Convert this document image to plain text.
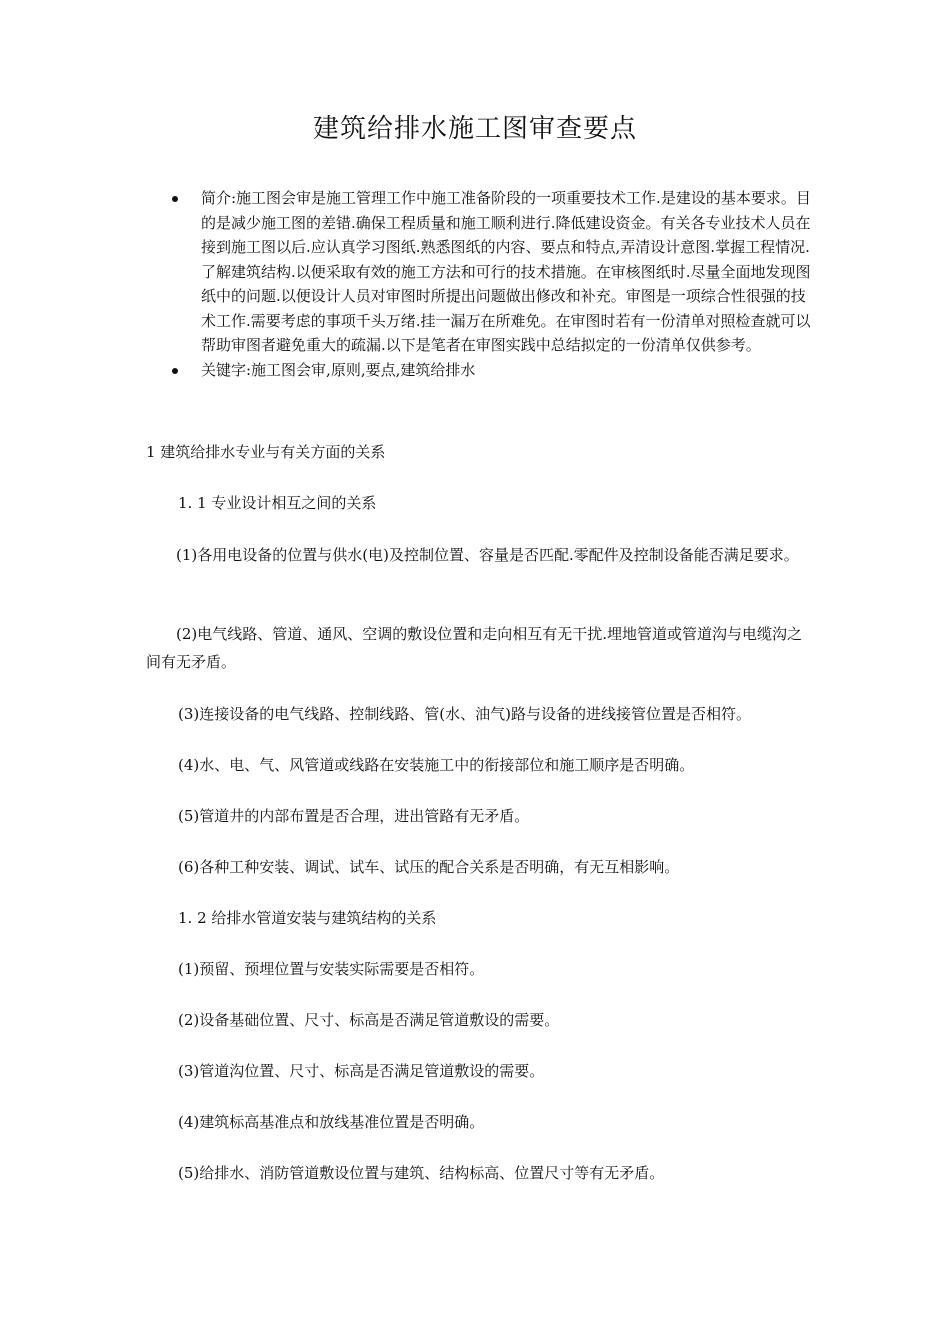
建筑给排水施工图审查要点
简介:施工图会审是施工管理工作中施工准备阶段的一项重要技术工作.是建设的基本要求。目的是减少施工图的差错.确保工程质量和施工顺利进行.降低建设资金。有关各专业技术人员在接到施工图以后.应认真学习图纸.熟悉图纸的内容、要点和特点,弄清设计意图.掌握工程情况.了解建筑结构.以便采取有效的施工方法和可行的技术措施。在审核图纸时.尽量全面地发现图纸中的问题.以便设计人员对审图时所提出问题做出修改和补充。审图是一项综合性很强的技术工作.需要考虑的事项千头万绪.挂一漏万在所难免。在审图时若有一份清单对照检查就可以帮助审图者避免重大的疏漏.以下是笔者在审图实践中总结拟定的一份清单仅供参考。
关键字:施工图会审,原则,要点,建筑给排水
1 建筑给排水专业与有关方面的关系
1. 1 专业设计相互之间的关系
(1)各用电设备的位置与供水(电)及控制位置、容量是否匹配.零配件及控制设备能否满足要求。
(2)电气线路、管道、通风、空调的敷设位置和走向相互有无干扰.埋地管道或管道沟与电缆沟之间有无矛盾。
(3)连接设备的电气线路、控制线路、管(水、油气)路与设备的进线接管位置是否相符。
(4)水、电、气、风管道或线路在安装施工中的衔接部位和施工顺序是否明确。
(5)管道井的内部布置是否合理，进出管路有无矛盾。
(6)各种工种安装、调试、试车、试压的配合关系是否明确，有无互相影响。
1. 2 给排水管道安装与建筑结构的关系
(1)预留、预埋位置与安装实际需要是否相符。
(2)设备基础位置、尺寸、标高是否满足管道敷设的需要。
(3)管道沟位置、尺寸、标高是否满足管道敷设的需要。
(4)建筑标高基准点和放线基准位置是否明确。
(5)给排水、消防管道敷设位置与建筑、结构标高、位置尺寸等有无矛盾。
